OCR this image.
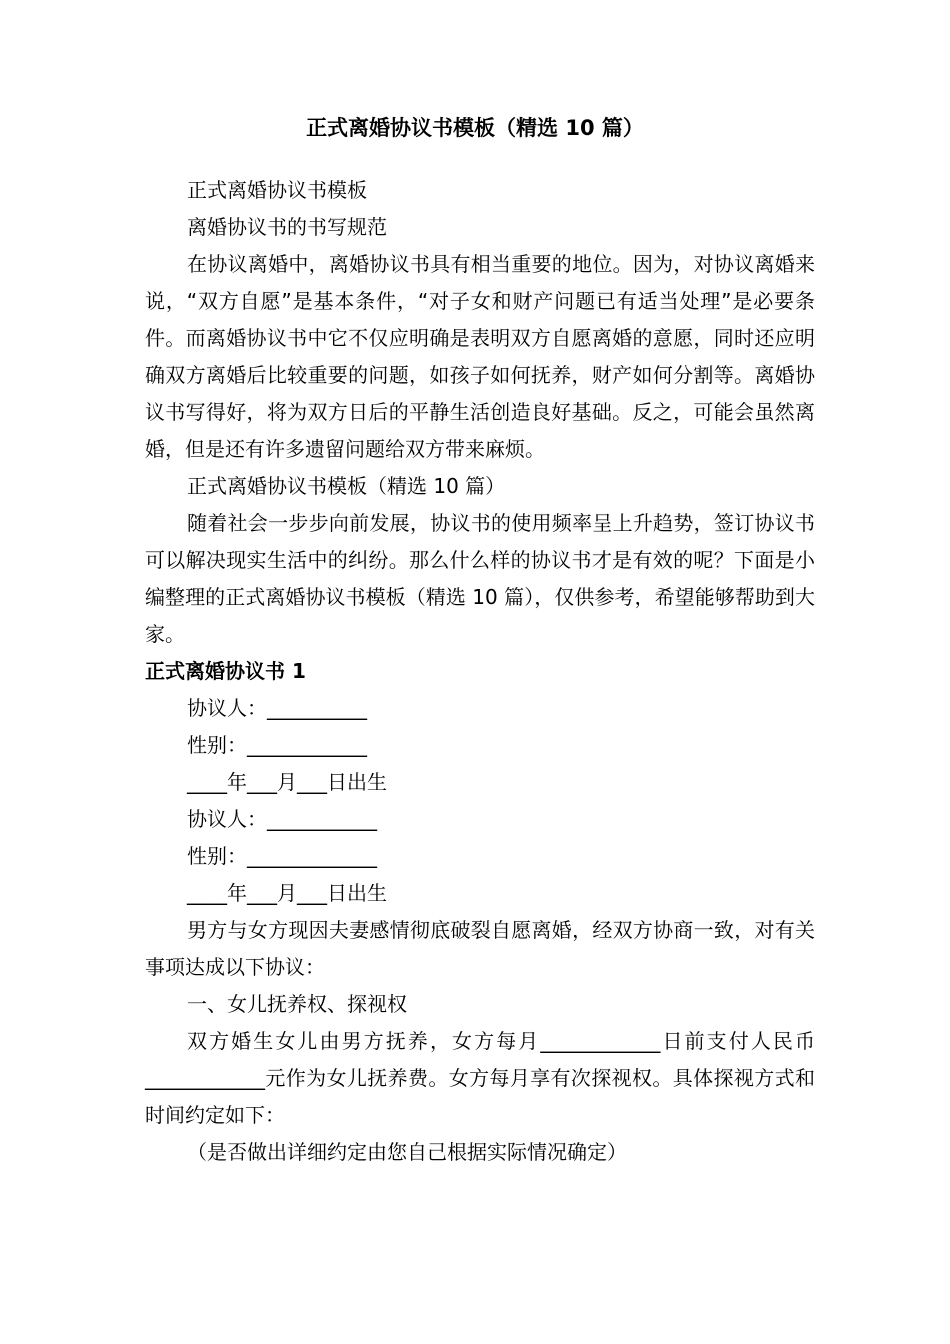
正式离婚协议书模板（精选 10 篇）

正式离婚协议书模板

离婚协议书的书写规范

在协议离婚中，离婚协议书具有相当重要的地位。因为，对协议离婚来说，“双方自愿”是基本条件，“对子女和财产问题已有适当处理”是必要条件。而离婚协议书中它不仅应明确是表明双方自愿离婚的意愿，同时还应明确双方离婚后比较重要的问题，如孩子如何抚养，财产如何分割等。离婚协议书写得好，将为双方日后的平静生活创造良好基础。反之，可能会虽然离婚，但是还有许多遗留问题给双方带来麻烦。

正式离婚协议书模板（精选 10 篇）

随着社会一步步向前发展，协议书的使用频率呈上升趋势，签订协议书可以解决现实生活中的纠纷。那么什么样的协议书才是有效的呢？下面是小编整理的正式离婚协议书模板（精选 10 篇），仅供参考，希望能够帮助到大家。

正式离婚协议书 1

协议人：__________

性别：____________

____年___月___日出生

协议人：___________

性别：_____________

____年___月___日出生

男方与女方现因夫妻感情彻底破裂自愿离婚，经双方协商一致，对有关事项达成以下协议：

一、女儿抚养权、探视权

双方婚生女儿由男方抚养，女方每月____________日前支付人民币____________元作为女儿抚养费。女方每月享有次探视权。具体探视方式和时间约定如下：

（是否做出详细约定由您自己根据实际情况确定）
